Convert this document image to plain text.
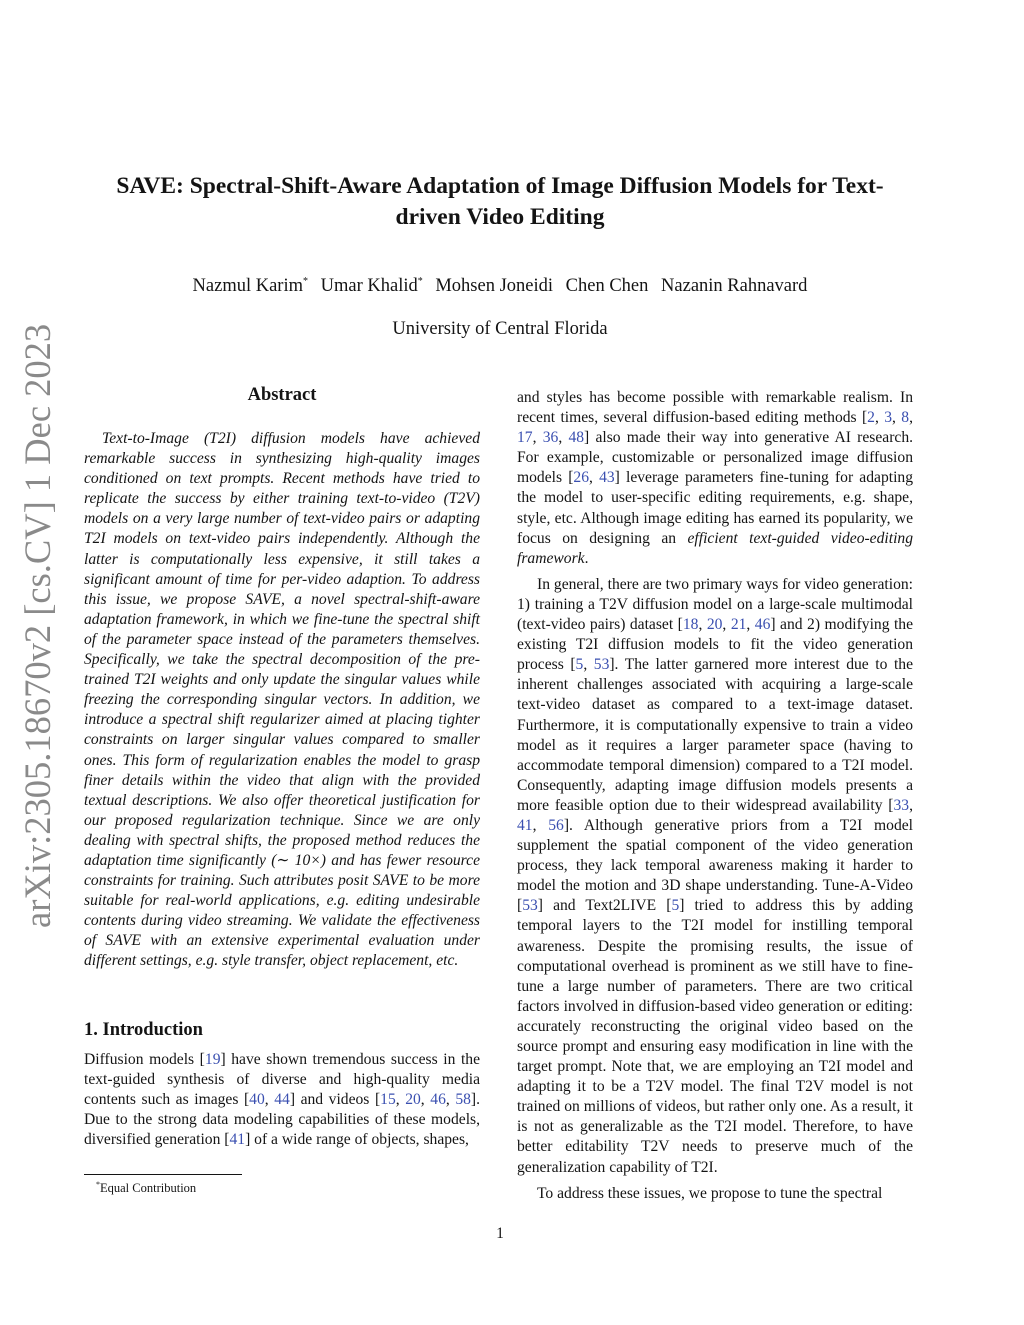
arXiv:2305.18670v2 [cs.CV] 1 Dec 2023
SAVE: Spectral-Shift-Aware Adaptation of Image Diffusion Models for Text-driven Video Editing
Nazmul Karim* Umar Khalid* Mohsen Joneidi Chen Chen Nazanin Rahnavard
University of Central Florida
Abstract

Text-to-Image (T2I) diffusion models have achieved remarkable success in synthesizing high-quality images conditioned on text prompts. Recent methods have tried to replicate the success by either training text-to-video (T2V) models on a very large number of text-video pairs or adapting T2I models on text-video pairs independently. Although the latter is computationally less expensive, it still takes a significant amount of time for per-video adaption. To address this issue, we propose SAVE, a novel spectral-shift-aware adaptation framework, in which we fine-tune the spectral shift of the parameter space instead of the parameters themselves. Specifically, we take the spectral decomposition of the pre-trained T2I weights and only update the singular values while freezing the corresponding singular vectors. In addition, we introduce a spectral shift regularizer aimed at placing tighter constraints on larger singular values compared to smaller ones. This form of regularization enables the model to grasp finer details within the video that align with the provided textual descriptions. We also offer theoretical justification for our proposed regularization technique. Since we are only dealing with spectral shifts, the proposed method reduces the adaptation time significantly (∼ 10×) and has fewer resource constraints for training. Such attributes posit SAVE to be more suitable for real-world applications, e.g. editing undesirable contents during video streaming. We validate the effectiveness of SAVE with an extensive experimental evaluation under different settings, e.g. style transfer, object replacement, etc.

1. Introduction

Diffusion models [19] have shown tremendous success in the text-guided synthesis of diverse and high-quality media contents such as images [40, 44] and videos [15, 20, 46, 58]. Due to the strong data modeling capabilities of these models, diversified generation [41] of a wide range of objects, shapes,

and styles has become possible with remarkable realism. In recent times, several diffusion-based editing methods [2, 3, 8, 17, 36, 48] also made their way into generative AI research. For example, customizable or personalized image diffusion models [26, 43] leverage parameters fine-tuning for adapting the model to user-specific editing requirements, e.g. shape, style, etc. Although image editing has earned its popularity, we focus on designing an efficient text-guided video-editing framework.

In general, there are two primary ways for video generation: 1) training a T2V diffusion model on a large-scale multimodal (text-video pairs) dataset [18, 20, 21, 46] and 2) modifying the existing T2I diffusion models to fit the video generation process [5, 53]. The latter garnered more interest due to the inherent challenges associated with acquiring a large-scale text-video dataset as compared to a text-image dataset. Furthermore, it is computationally expensive to train a video model as it requires a larger parameter space (having to accommodate temporal dimension) compared to a T2I model. Consequently, adapting image diffusion models presents a more feasible option due to their widespread availability [33, 41, 56]. Although generative priors from a T2I model supplement the spatial component of the video generation process, they lack temporal awareness making it harder to model the motion and 3D shape understanding. Tune-A-Video [53] and Text2LIVE [5] tried to address this by adding temporal layers to the T2I model for instilling temporal awareness. Despite the promising results, the issue of computational overhead is prominent as we still have to fine-tune a large number of parameters. There are two critical factors involved in diffusion-based video generation or editing: accurately reconstructing the original video based on the source prompt and ensuring easy modification in line with the target prompt. Note that, we are employing an T2I model and adapting it to be a T2V model. The final T2V model is not trained on millions of videos, but rather only one. As a result, it is not as generalizable as the T2I model. Therefore, to have better editability T2V needs to preserve much of the generalization capability of T2I.

To address these issues, we propose to tune the spectral

*Equal Contribution
1
